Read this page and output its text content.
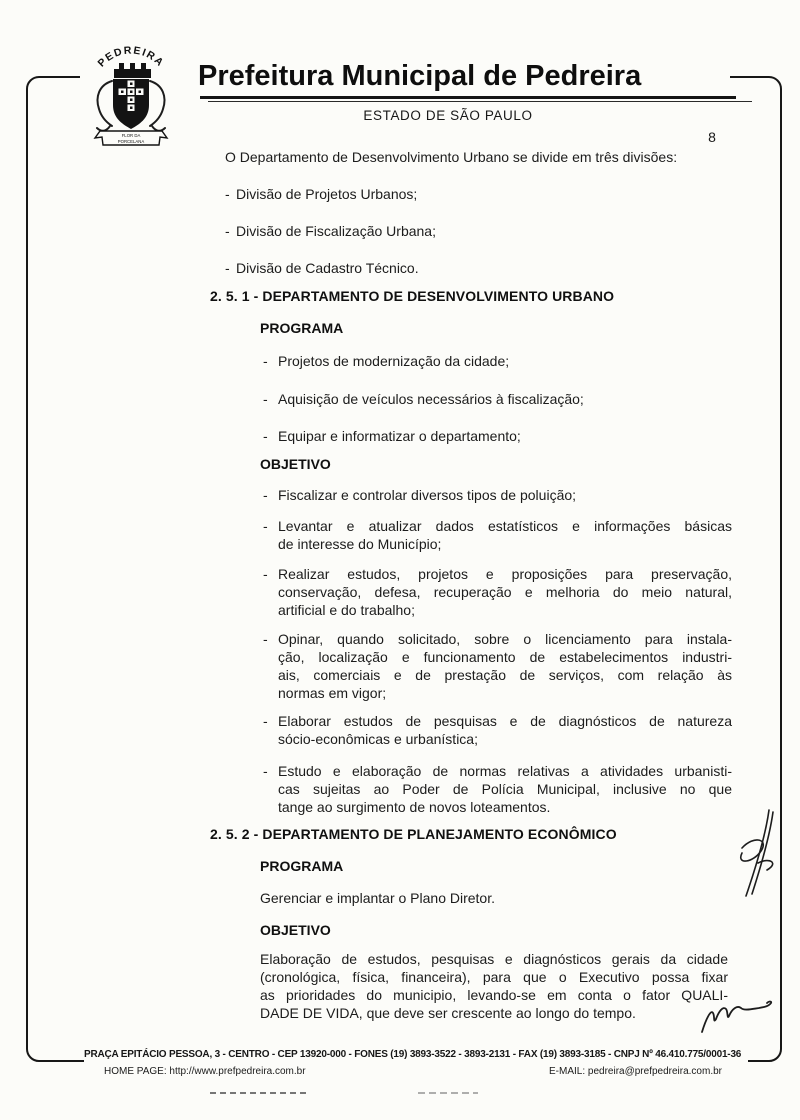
PEDREIRA
FLOR DA
PORCELANA
Prefeitura Municipal de Pedreira
ESTADO DE SÃO PAULO
8
O Departamento de Desenvolvimento Urbano se divide em três divisões:
- Divisão de Projetos Urbanos;
- Divisão de Fiscalização Urbana;
- Divisão de Cadastro Técnico.
2. 5. 1 - DEPARTAMENTO DE DESENVOLVIMENTO URBANO
PROGRAMA
- Projetos de modernização da cidade;
- Aquisição de veículos necessários à fiscalização;
- Equipar e informatizar o departamento;
OBJETIVO
- Fiscalizar e controlar diversos tipos de poluição;
- Levantar e atualizar dados estatísticos e informações básicas
de interesse do Município;
- Realizar estudos, projetos e proposições para preservação,
conservação, defesa, recuperação e melhoria do meio natural,
artificial e do trabalho;
- Opinar, quando solicitado, sobre o licenciamento para instala-
ção, localização e funcionamento de estabelecimentos industri-
ais, comerciais e de prestação de serviços, com relação às
normas em vigor;
- Elaborar estudos de pesquisas e de diagnósticos de natureza
sócio-econômicas e urbanística;
- Estudo e elaboração de normas relativas a atividades urbanisti-
cas sujeitas ao Poder de Polícia Municipal, inclusive no que
tange ao surgimento de novos loteamentos.
2. 5. 2 - DEPARTAMENTO DE PLANEJAMENTO ECONÔMICO
PROGRAMA
Gerenciar e implantar o Plano Diretor.
OBJETIVO
Elaboração de estudos, pesquisas e diagnósticos gerais da cidade
(cronológica, física, financeira), para que o Executivo possa fixar
as prioridades do municipio, levando-se em conta o fator QUALI-
DADE DE VIDA, que deve ser crescente ao longo do tempo.
PRAÇA EPITÁCIO PESSOA, 3 - CENTRO - CEP 13920-000 - FONES (19) 3893-3522 - 3893-2131 - FAX (19) 3893-3185 - CNPJ Nº 46.410.775/0001-36
HOME PAGE: http://www.prefpedreira.com.br	E-MAIL: pedreira@prefpedreira.com.br
